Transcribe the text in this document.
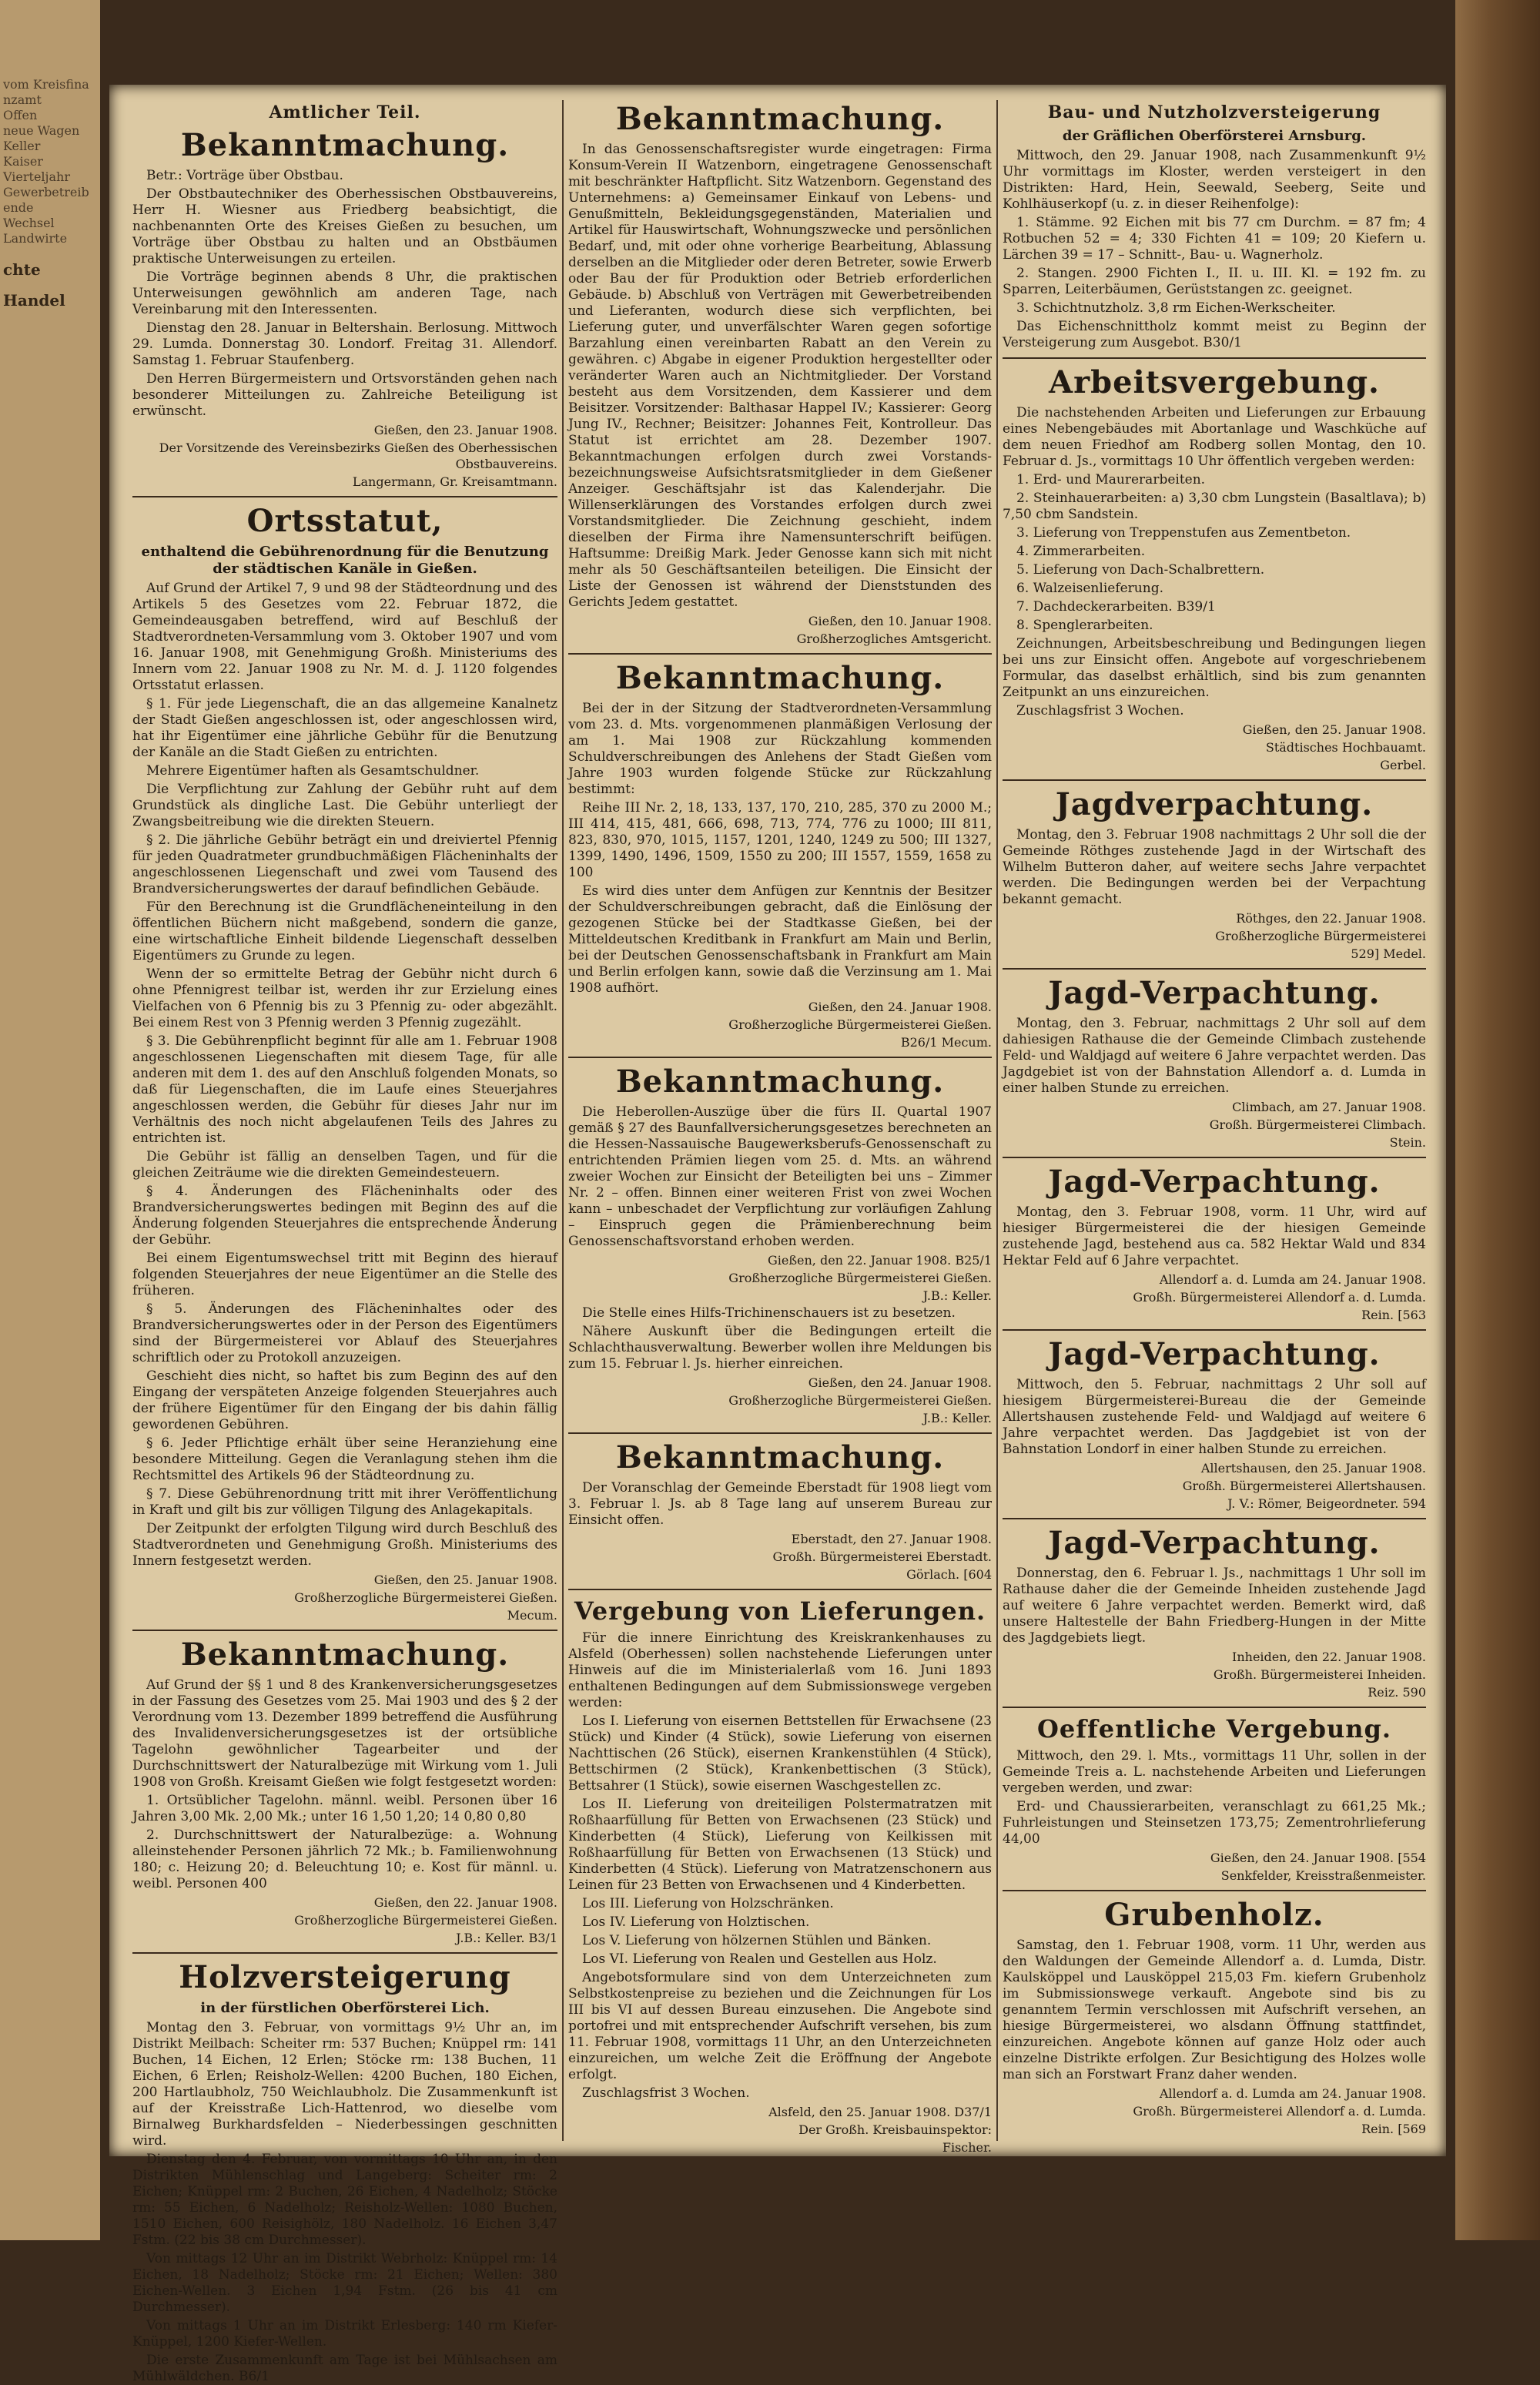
vom Kreisfinanzamt
Offen
neue Wagen
Keller
Kaiser
Vierteljahr
Gewerbetreibende
Wechsel
Landwirte
chte
Handel
Amtlicher Teil.
Bekanntmachung.

Betr.: Vorträge über Obstbau.

Der Obstbautechniker des Oberhessischen Obstbauvereins, Herr H. Wiesner aus Friedberg beabsichtigt, die nachbenannten Orte des Kreises Gießen zu besuchen, um Vorträge über Obstbau zu halten und an Obstbäumen praktische Unterweisungen zu erteilen.

Die Vorträge beginnen abends 8 Uhr, die praktischen Unterweisungen gewöhnlich am anderen Tage, nach Vereinbarung mit den Interessenten.

Dienstag den 28. Januar in Beltershain. Berlosung. Mittwoch 29. Lumda. Donnerstag 30. Londorf. Freitag 31. Allendorf. Samstag 1. Februar Staufenberg.

Den Herren Bürgermeistern und Ortsvorständen gehen nach besonderer Mitteilungen zu. Zahlreiche Beteiligung ist erwünscht.

Gießen, den 23. Januar 1908.
Der Vorsitzende des Vereinsbezirks Gießen des Oberhessischen Obstbauvereins.
Langermann, Gr. Kreisamtmann.
Ortsstatut,
enthaltend die Gebührenordnung für die Benutzung der städtischen Kanäle in Gießen.

Auf Grund der Artikel 7, 9 und 98 der Städteordnung und des Artikels 5 des Gesetzes vom 22. Februar 1872, die Gemeindeausgaben betreffend, wird auf Beschluß der Stadtverordneten-Versammlung vom 3. Oktober 1907 und vom 16. Januar 1908, mit Genehmigung Großh. Ministeriums des Innern vom 22. Januar 1908 zu Nr. M. d. J. 1120 folgendes Ortsstatut erlassen.

§ 1. Für jede Liegenschaft, die an das allgemeine Kanalnetz der Stadt Gießen angeschlossen ist, oder angeschlossen wird, hat ihr Eigentümer eine jährliche Gebühr für die Benutzung der Kanäle an die Stadt Gießen zu entrichten.

Mehrere Eigentümer haften als Gesamtschuldner.

Die Verpflichtung zur Zahlung der Gebühr ruht auf dem Grundstück als dingliche Last. Die Gebühr unterliegt der Zwangsbeitreibung wie die direkten Steuern.

§ 2. Die jährliche Gebühr beträgt ein und dreiviertel Pfennig für jeden Quadratmeter grundbuchmäßigen Flächeninhalts der angeschlossenen Liegenschaft und zwei vom Tausend des Brandversicherungswertes der darauf befindlichen Gebäude.

Für den Berechnung ist die Grundflächeneinteilung in den öffentlichen Büchern nicht maßgebend, sondern die ganze, eine wirtschaftliche Einheit bildende Liegenschaft desselben Eigentümers zu Grunde zu legen.

Wenn der so ermittelte Betrag der Gebühr nicht durch 6 ohne Pfennigrest teilbar ist, werden ihr zur Erzielung eines Vielfachen von 6 Pfennig bis zu 3 Pfennig zu- oder abgezählt. Bei einem Rest von 3 Pfennig werden 3 Pfennig zugezählt.

§ 3. Die Gebührenpflicht beginnt für alle am 1. Februar 1908 angeschlossenen Liegenschaften mit diesem Tage, für alle anderen mit dem 1. des auf den Anschluß folgenden Monats, so daß für Liegenschaften, die im Laufe eines Steuerjahres angeschlossen werden, die Gebühr für dieses Jahr nur im Verhältnis des noch nicht abgelaufenen Teils des Jahres zu entrichten ist.

Die Gebühr ist fällig an denselben Tagen, und für die gleichen Zeiträume wie die direkten Gemeindesteuern.

§ 4. Änderungen des Flächeninhalts oder des Brandversicherungswertes bedingen mit Beginn des auf die Änderung folgenden Steuerjahres die entsprechende Änderung der Gebühr.

Bei einem Eigentumswechsel tritt mit Beginn des hierauf folgenden Steuerjahres der neue Eigentümer an die Stelle des früheren.

§ 5. Änderungen des Flächeninhaltes oder des Brandversicherungswertes oder in der Person des Eigentümers sind der Bürgermeisterei vor Ablauf des Steuerjahres schriftlich oder zu Protokoll anzuzeigen.

Geschieht dies nicht, so haftet bis zum Beginn des auf den Eingang der verspäteten Anzeige folgenden Steuerjahres auch der frühere Eigentümer für den Eingang der bis dahin fällig gewordenen Gebühren.

§ 6. Jeder Pflichtige erhält über seine Heranziehung eine besondere Mitteilung. Gegen die Veranlagung stehen ihm die Rechtsmittel des Artikels 96 der Städteordnung zu.

§ 7. Diese Gebührenordnung tritt mit ihrer Veröffentlichung in Kraft und gilt bis zur völligen Tilgung des Anlagekapitals.

Der Zeitpunkt der erfolgten Tilgung wird durch Beschluß des Stadtverordneten und Genehmigung Großh. Ministeriums des Innern festgesetzt werden.

Gießen, den 25. Januar 1908.
Großherzogliche Bürgermeisterei Gießen.
Mecum.
Bekanntmachung.

Auf Grund der §§ 1 und 8 des Krankenversicherungsgesetzes in der Fassung des Gesetzes vom 25. Mai 1903 und des § 2 der Verordnung vom 13. Dezember 1899 betreffend die Ausführung des Invalidenversicherungsgesetzes ist der ortsübliche Tagelohn gewöhnlicher Tagearbeiter und der Durchschnittswert der Naturalbezüge mit Wirkung vom 1. Juli 1908 von Großh. Kreisamt Gießen wie folgt festgesetzt worden:

1. Ortsüblicher Tagelohn. männl. weibl. Personen über 16 Jahren 3,00 Mk. 2,00 Mk.; unter 16 1,50 1,20; 14 0,80 0,80

2. Durchschnittswert der Naturalbezüge: a. Wohnung alleinstehender Personen jährlich 72 Mk.; b. Familienwohnung 180; c. Heizung 20; d. Beleuchtung 10; e. Kost für männl. u. weibl. Personen 400

Gießen, den 22. Januar 1908.
Großherzogliche Bürgermeisterei Gießen.
J.B.: Keller. B3/1
Holzversteigerung
in der fürstlichen Oberförsterei Lich.

Montag den 3. Februar, von vormittags 9½ Uhr an, im Distrikt Meilbach: Scheiter rm: 537 Buchen; Knüppel rm: 141 Buchen, 14 Eichen, 12 Erlen; Stöcke rm: 138 Buchen, 11 Eichen, 6 Erlen; Reisholz-Wellen: 4200 Buchen, 180 Eichen, 200 Hartlaubholz, 750 Weichlaubholz. Die Zusammenkunft ist auf der Kreisstraße Lich-Hattenrod, wo dieselbe vom Birnalweg Burkhardsfelden – Niederbessingen geschnitten wird.

Dienstag den 4. Februar, von vormittags 10 Uhr an, in den Distrikten Mühlenschlag und Langeberg: Scheiter rm: 2 Eichen; Knüppel rm: 2 Buchen, 26 Eichen, 4 Nadelholz; Stöcke rm: 55 Eichen, 6 Nadelholz; Reisholz-Wellen: 1080 Buchen, 1510 Eichen, 600 Reisighölz, 180 Nadelholz. 16 Eichen 3,47 Fstm. (22 bis 38 cm Durchmesser).

Von mittags 12 Uhr an im Distrikt Webrholz: Knüppel rm: 14 Eichen, 18 Nadelholz; Stöcke rm: 21 Eichen; Wellen: 380 Eichen-Wellen. 3 Eichen 1,94 Fstm. (26 bis 41 cm Durchmesser).

Von mittags 1 Uhr an im Distrikt Erlesberg: 140 rm Kiefer-Knüppel, 1200 Kiefer-Wellen.

Die erste Zusammenkunft am Tage ist bei Mühlsachsen am Mühlwäldchen. B6/1

Bekanntmachung.

In das Genossenschaftsregister wurde eingetragen: Firma Konsum-Verein II Watzenborn, eingetragene Genossenschaft mit beschränkter Haftpflicht. Sitz Watzenborn. Gegenstand des Unternehmens: a) Gemeinsamer Einkauf von Lebens- und Genußmitteln, Bekleidungsgegenständen, Materialien und Artikel für Hauswirtschaft, Wohnungszwecke und persönlichen Bedarf, und, mit oder ohne vorherige Bearbeitung, Ablassung derselben an die Mitglieder oder deren Betreter, sowie Erwerb oder Bau der für Produktion oder Betrieb erforderlichen Gebäude. b) Abschluß von Verträgen mit Gewerbetreibenden und Lieferanten, wodurch diese sich verpflichten, bei Lieferung guter, und unverfälschter Waren gegen sofortige Barzahlung einen vereinbarten Rabatt an den Verein zu gewähren. c) Abgabe in eigener Produktion hergestellter oder veränderter Waren auch an Nichtmitglieder. Der Vorstand besteht aus dem Vorsitzenden, dem Kassierer und dem Beisitzer. Vorsitzender: Balthasar Happel IV.; Kassierer: Georg Jung IV., Rechner; Beisitzer: Johannes Feit, Kontrolleur. Das Statut ist errichtet am 28. Dezember 1907. Bekanntmachungen erfolgen durch zwei Vorstands- bezeichnungsweise Aufsichtsratsmitglieder in dem Gießener Anzeiger. Geschäftsjahr ist das Kalenderjahr. Die Willenserklärungen des Vorstandes erfolgen durch zwei Vorstandsmitglieder. Die Zeichnung geschieht, indem dieselben der Firma ihre Namensunterschrift beifügen. Haftsumme: Dreißig Mark. Jeder Genosse kann sich mit nicht mehr als 50 Geschäftsanteilen beteiligen. Die Einsicht der Liste der Genossen ist während der Dienststunden des Gerichts Jedem gestattet.

Gießen, den 10. Januar 1908.
Großherzogliches Amtsgericht.
Bekanntmachung.

Bei der in der Sitzung der Stadtverordneten-Versammlung vom 23. d. Mts. vorgenommenen planmäßigen Verlosung der am 1. Mai 1908 zur Rückzahlung kommenden Schuldverschreibungen des Anlehens der Stadt Gießen vom Jahre 1903 wurden folgende Stücke zur Rückzahlung bestimmt:

Reihe III Nr. 2, 18, 133, 137, 170, 210, 285, 370 zu 2000 M.; III 414, 415, 481, 666, 698, 713, 774, 776 zu 1000; III 811, 823, 830, 970, 1015, 1157, 1201, 1240, 1249 zu 500; III 1327, 1399, 1490, 1496, 1509, 1550 zu 200; III 1557, 1559, 1658 zu 100

Es wird dies unter dem Anfügen zur Kenntnis der Besitzer der Schuldverschreibungen gebracht, daß die Einlösung der gezogenen Stücke bei der Stadtkasse Gießen, bei der Mitteldeutschen Kreditbank in Frankfurt am Main und Berlin, bei der Deutschen Genossenschaftsbank in Frankfurt am Main und Berlin erfolgen kann, sowie daß die Verzinsung am 1. Mai 1908 aufhört.

Gießen, den 24. Januar 1908.
Großherzogliche Bürgermeisterei Gießen.
B26/1 Mecum.
Bekanntmachung.

Die Heberollen-Auszüge über die fürs II. Quartal 1907 gemäß § 27 des Baunfallversicherungsgesetzes berechneten an die Hessen-Nassauische Baugewerksberufs-Genossenschaft zu entrichtenden Prämien liegen vom 25. d. Mts. an während zweier Wochen zur Einsicht der Beteiligten bei uns – Zimmer Nr. 2 – offen. Binnen einer weiteren Frist von zwei Wochen kann – unbeschadet der Verpflichtung zur vorläufigen Zahlung – Einspruch gegen die Prämienberechnung beim Genossenschaftsvorstand erhoben werden.

Gießen, den 22. Januar 1908. B25/1
Großherzogliche Bürgermeisterei Gießen.
J.B.: Keller.

Die Stelle eines Hilfs-Trichinenschauers ist zu besetzen.

Nähere Auskunft über die Bedingungen erteilt die Schlachthausverwaltung. Bewerber wollen ihre Meldungen bis zum 15. Februar l. Js. hierher einreichen.

Gießen, den 24. Januar 1908.
Großherzogliche Bürgermeisterei Gießen.
J.B.: Keller.
Bekanntmachung.

Der Voranschlag der Gemeinde Eberstadt für 1908 liegt vom 3. Februar l. Js. ab 8 Tage lang auf unserem Bureau zur Einsicht offen.

Eberstadt, den 27. Januar 1908.
Großh. Bürgermeisterei Eberstadt.
Görlach. [604
Vergebung von Lieferungen.

Für die innere Einrichtung des Kreiskrankenhauses zu Alsfeld (Oberhessen) sollen nachstehende Lieferungen unter Hinweis auf die im Ministerialerlaß vom 16. Juni 1893 enthaltenen Bedingungen auf dem Submissionswege vergeben werden:

Los I. Lieferung von eisernen Bettstellen für Erwachsene (23 Stück) und Kinder (4 Stück), sowie Lieferung von eisernen Nachttischen (26 Stück), eisernen Krankenstühlen (4 Stück), Bettschirmen (2 Stück), Krankenbettischen (3 Stück), Bettsahrer (1 Stück), sowie eisernen Waschgestellen zc.

Los II. Lieferung von dreiteiligen Polstermatratzen mit Roßhaarfüllung für Betten von Erwachsenen (23 Stück) und Kinderbetten (4 Stück), Lieferung von Keilkissen mit Roßhaarfüllung für Betten von Erwachsenen (13 Stück) und Kinderbetten (4 Stück). Lieferung von Matratzenschonern aus Leinen für 23 Betten von Erwachsenen und 4 Kinderbetten.

Los III. Lieferung von Holzschränken.

Los IV. Lieferung von Holztischen.

Los V. Lieferung von hölzernen Stühlen und Bänken.

Los VI. Lieferung von Realen und Gestellen aus Holz.

Angebotsformulare sind von dem Unterzeichneten zum Selbstkostenpreise zu beziehen und die Zeichnungen für Los III bis VI auf dessen Bureau einzusehen. Die Angebote sind portofrei und mit entsprechender Aufschrift versehen, bis zum 11. Februar 1908, vormittags 11 Uhr, an den Unterzeichneten einzureichen, um welche Zeit die Eröffnung der Angebote erfolgt.

Zuschlagsfrist 3 Wochen.

Alsfeld, den 25. Januar 1908. D37/1
Der Großh. Kreisbauinspektor:
Fischer.
Bau- und Nutzholzversteigerung
der Gräflichen Oberförsterei Arnsburg.

Mittwoch, den 29. Januar 1908, nach Zusammenkunft 9½ Uhr vormittags im Kloster, werden versteigert in den Distrikten: Hard, Hein, Seewald, Seeberg, Seite und Kohlhäuserkopf (u. z. in dieser Reihenfolge):

1. Stämme. 92 Eichen mit bis 77 cm Durchm. = 87 fm; 4 Rotbuchen 52 = 4; 330 Fichten 41 = 109; 20 Kiefern u. Lärchen 39 = 17 – Schnitt-, Bau- u. Wagnerholz.

2. Stangen. 2900 Fichten I., II. u. III. Kl. = 192 fm. zu Sparren, Leiterbäumen, Gerüststangen zc. geeignet.

3. Schichtnutzholz. 3,8 rm Eichen-Werkscheiter.

Das Eichenschnittholz kommt meist zu Beginn der Versteigerung zum Ausgebot. B30/1

Arbeitsvergebung.

Die nachstehenden Arbeiten und Lieferungen zur Erbauung eines Nebengebäudes mit Abortanlage und Waschküche auf dem neuen Friedhof am Rodberg sollen Montag, den 10. Februar d. Js., vormittags 10 Uhr öffentlich vergeben werden:

1. Erd- und Maurerarbeiten.

2. Steinhauerarbeiten: a) 3,30 cbm Lungstein (Basaltlava); b) 7,50 cbm Sandstein.

3. Lieferung von Treppenstufen aus Zementbeton.

4. Zimmerarbeiten.

5. Lieferung von Dach-Schalbrettern.

6. Walzeisenlieferung.

7. Dachdeckerarbeiten. B39/1

8. Spenglerarbeiten.

Zeichnungen, Arbeitsbeschreibung und Bedingungen liegen bei uns zur Einsicht offen. Angebote auf vorgeschriebenem Formular, das daselbst erhältlich, sind bis zum genannten Zeitpunkt an uns einzureichen.

Zuschlagsfrist 3 Wochen.

Gießen, den 25. Januar 1908.
Städtisches Hochbauamt.
Gerbel.
Jagdverpachtung.

Montag, den 3. Februar 1908 nachmittags 2 Uhr soll die der Gemeinde Röthges zustehende Jagd in der Wirtschaft des Wilhelm Butteron daher, auf weitere sechs Jahre verpachtet werden. Die Bedingungen werden bei der Verpachtung bekannt gemacht.

Röthges, den 22. Januar 1908.
Großherzogliche Bürgermeisterei
529] Medel.
Jagd-Verpachtung.

Montag, den 3. Februar, nachmittags 2 Uhr soll auf dem dahiesigen Rathause die der Gemeinde Climbach zustehende Feld- und Waldjagd auf weitere 6 Jahre verpachtet werden. Das Jagdgebiet ist von der Bahnstation Allendorf a. d. Lumda in einer halben Stunde zu erreichen.

Climbach, am 27. Januar 1908.
Großh. Bürgermeisterei Climbach.
Stein.
Jagd-Verpachtung.

Montag, den 3. Februar 1908, vorm. 11 Uhr, wird auf hiesiger Bürgermeisterei die der hiesigen Gemeinde zustehende Jagd, bestehend aus ca. 582 Hektar Wald und 834 Hektar Feld auf 6 Jahre verpachtet.

Allendorf a. d. Lumda am 24. Januar 1908.
Großh. Bürgermeisterei Allendorf a. d. Lumda.
Rein. [563
Jagd-Verpachtung.

Mittwoch, den 5. Februar, nachmittags 2 Uhr soll auf hiesigem Bürgermeisterei-Bureau die der Gemeinde Allertshausen zustehende Feld- und Waldjagd auf weitere 6 Jahre verpachtet werden. Das Jagdgebiet ist von der Bahnstation Londorf in einer halben Stunde zu erreichen.

Allertshausen, den 25. Januar 1908.
Großh. Bürgermeisterei Allertshausen.
J. V.: Römer, Beigeordneter. 594
Jagd-Verpachtung.

Donnerstag, den 6. Februar l. Js., nachmittags 1 Uhr soll im Rathause daher die der Gemeinde Inheiden zustehende Jagd auf weitere 6 Jahre verpachtet werden. Bemerkt wird, daß unsere Haltestelle der Bahn Friedberg-Hungen in der Mitte des Jagdgebiets liegt.

Inheiden, den 22. Januar 1908.
Großh. Bürgermeisterei Inheiden.
Reiz. 590
Oeffentliche Vergebung.

Mittwoch, den 29. l. Mts., vormittags 11 Uhr, sollen in der Gemeinde Treis a. L. nachstehende Arbeiten und Lieferungen vergeben werden, und zwar:

Erd- und Chaussierarbeiten, veranschlagt zu 661,25 Mk.; Fuhrleistungen und Steinsetzen 173,75; Zementrohrlieferung 44,00

Gießen, den 24. Januar 1908. [554
Senkfelder, Kreisstraßenmeister.
Grubenholz.

Samstag, den 1. Februar 1908, vorm. 11 Uhr, werden aus den Waldungen der Gemeinde Allendorf a. d. Lumda, Distr. Kaulsköppel und Lausköppel 215,03 Fm. kiefern Grubenholz im Submissionswege verkauft. Angebote sind bis zu genanntem Termin verschlossen mit Aufschrift versehen, an hiesige Bürgermeisterei, wo alsdann Öffnung stattfindet, einzureichen. Angebote können auf ganze Holz oder auch einzelne Distrikte erfolgen. Zur Besichtigung des Holzes wolle man sich an Forstwart Franz daher wenden.

Allendorf a. d. Lumda am 24. Januar 1908.
Großh. Bürgermeisterei Allendorf a. d. Lumda.
Rein. [569
